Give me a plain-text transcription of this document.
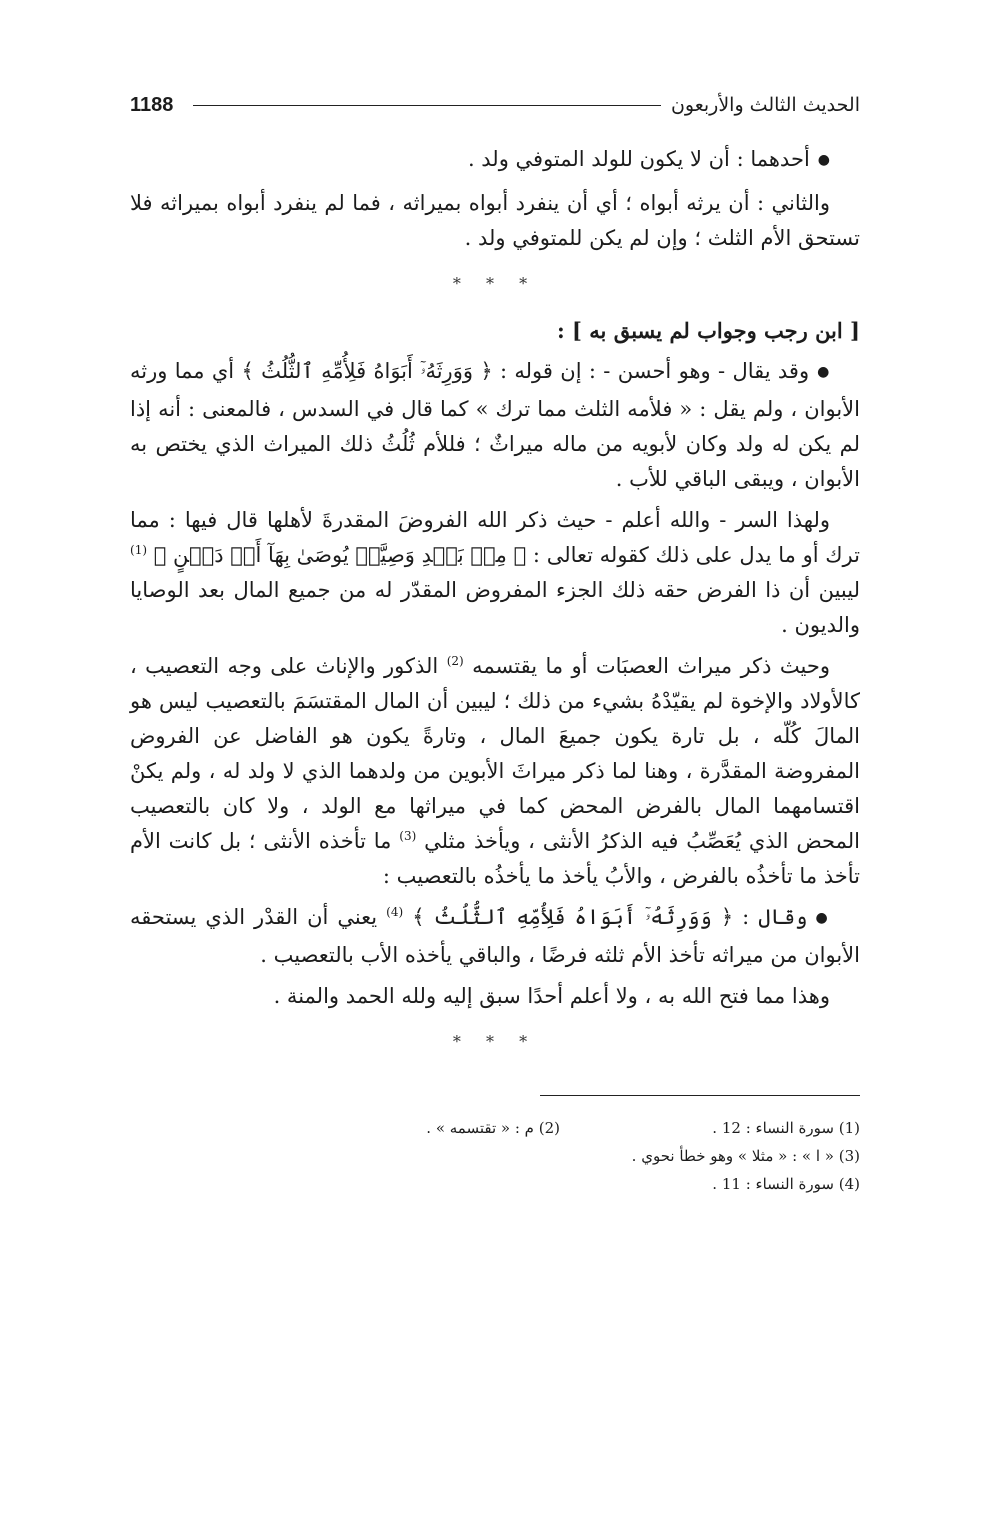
1188	الحديث الثالث والأربعون

● أحدهما : أن لا يكون للولد المتوفي ولد .

والثاني : أن يرثه أبواه ؛ أي أن ينفرد أبواه بميراثه ، فما لم ينفرد أبواه بميراثه فلا تستحق الأم الثلث ؛ وإن لم يكن للمتوفي ولد .

* * *

[ ابن رجب وجواب لم يسبق به ] :

● وقد يقال - وهو أحسن - : إن قوله : ﴿ وَوَرِثَهُۥٓ أَبَوَاهُ فَلِأُمِّهِ ٱلثُّلُثُ ﴾ أي مما ورثه الأبوان ، ولم يقل : « فلأمه الثلث مما ترك » كما قال في السدس ، فالمعنى : أنه إذا لم يكن له ولد وكان لأبويه من ماله ميراثٌ ؛ فللأم ثُلُثُ ذلك الميراث الذي يختص به الأبوان ، ويبقى الباقي للأب .

ولهذا السر - والله أعلم - حيث ذكر الله الفروضَ المقدرةَ لأهلها قال فيها : مما ترك أو ما يدل على ذلك كقوله تعالى : ﴿ مِنۢ بَعۡدِ وَصِيَّةٖ يُوصَىٰ بِهَآ أَوۡ دَيۡنٍ ﴾ $^{(1)}$ ليبين أن ذا الفرض حقه ذلك الجزء المفروض المقدّر له من جميع المال بعد الوصايا والديون .

وحيث ذكر ميراث العصبَات أو ما يقتسمه $^{(2)}$ الذكور والإناث على وجه التعصيب ، كالأولاد والإخوة لم يقيّدْهُ بشيء من ذلك ؛ ليبين أن المال المقتسَمَ بالتعصيب ليس هو المالَ كُلّه ، بل تارة يكون جميعَ المال ، وتارةً يكون هو الفاضل عن الفروض المفروضة المقدَّرة ، وهنا لما ذكر ميراثَ الأبوين من ولدهما الذي لا ولد له ، ولم يكنْ اقتسامهما المال بالفرض المحض كما في ميراثها مع الولد ، ولا كان بالتعصيب المحض الذي يُعَصِّبُ فيه الذكرُ الأنثى ، ويأخذ مثلي $^{(3)}$ ما تأخذه الأنثى ؛ بل كانت الأم تأخذ ما تأخذُه بالفرض ، والأبُ يأخذ ما يأخذُه بالتعصيب :

● وقال : ﴿ وَوَرِثَهُۥٓ أَبَوَاهُ فَلِأُمِّهِ ٱلثُّلُثُ ﴾ $^{(4)}$ يعني أن القدْر الذي يستحقه الأبوان من ميراثه تأخذ الأم ثلثه فرضًا ، والباقي يأخذه الأب بالتعصيب .

وهذا مما فتح الله به ، ولا أعلم أحدًا سبق إليه ولله الحمد والمنة .

* * *
(1) سورة النساء : 12 .
(2) م : « تقتسمه » .
(3) « ا » : « مثلا » وهو خطأ نحوي .
(4) سورة النساء : 11 .
